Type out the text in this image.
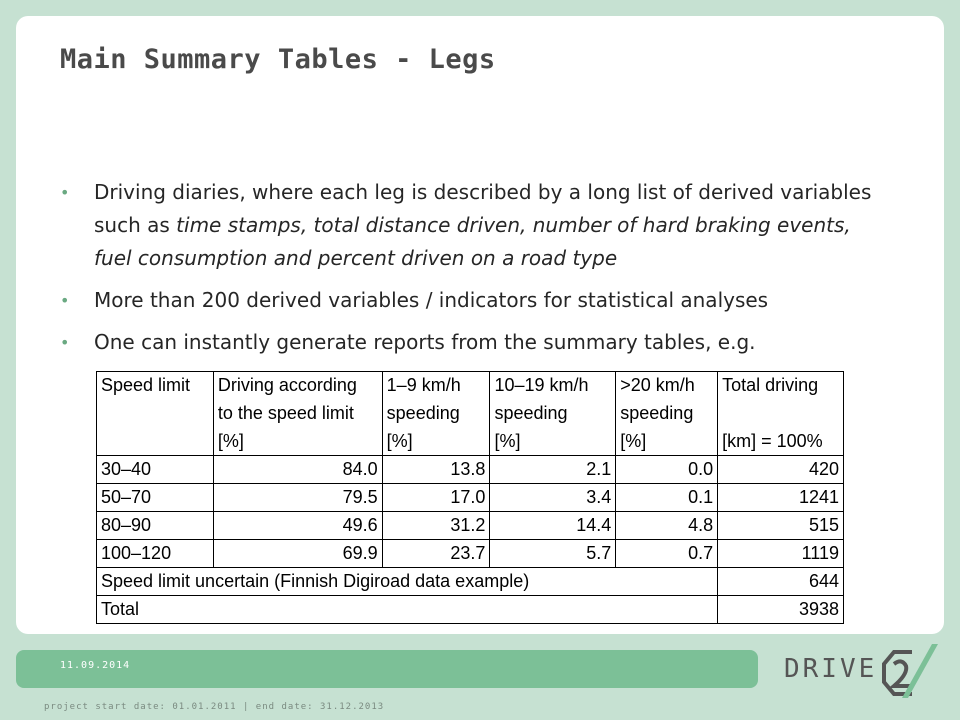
Main Summary Tables - Legs
• Driving diaries, where each leg is described by a long list of derived variables such as time stamps, total distance driven, number of hard braking events, fuel consumption and percent driven on a road type
• More than 200 derived variables / indicators for statistical analyses
• One can instantly generate reports from the summary tables, e.g.
Speed limit	Driving according	1–9 km/h	10–19 km/h	>20 km/h	Total driving
	to the speed limit	speeding	speeding	speeding	
	[%]	[%]	[%]	[%]	[km] = 100%
30–40	84.0	13.8	2.1	0.0	420
50–70	79.5	17.0	3.4	0.1	1241
80–90	49.6	31.2	14.4	4.8	515
100–120	69.9	23.7	5.7	0.7	1119
Speed limit uncertain (Finnish Digiroad data example)					644
Total					3938
11.09.2014	DRIVE
project start date: 01.01.2011 | end date: 31.12.2013
